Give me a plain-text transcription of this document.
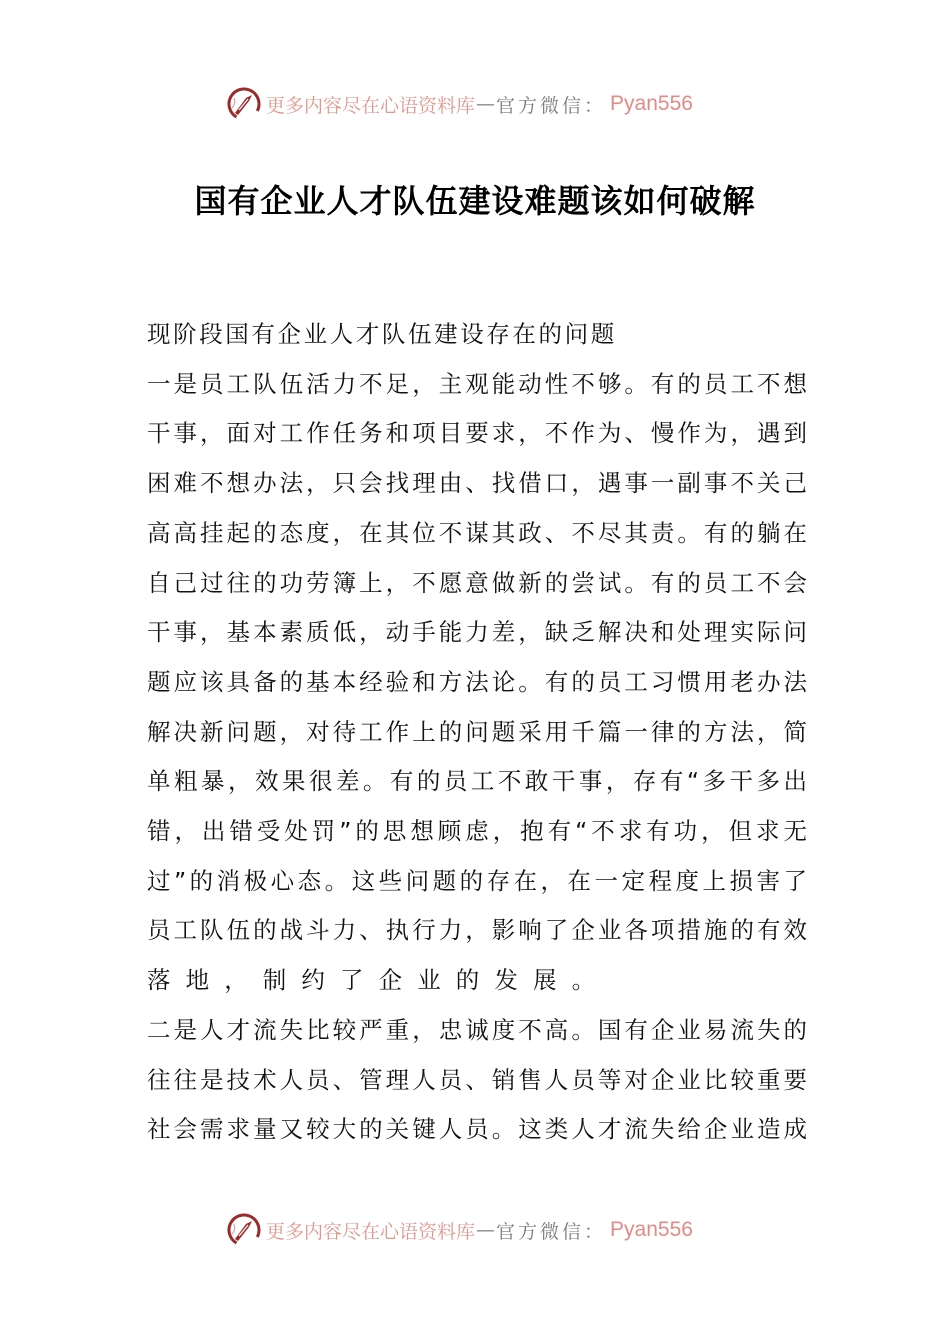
更多内容尽在心语资料库 — 官方微信： Pyan556
国有企业人才队伍建设难题该如何破解

现阶段国有企业人才队伍建设存在的问题

一是员工队伍活力不足，主观能动性不够。有的员工不想
干事，面对工作任务和项目要求，不作为、慢作为，遇到
困难不想办法，只会找理由、找借口，遇事一副事不关己
高高挂起的态度，在其位不谋其政、不尽其责。有的躺在
自己过往的功劳簿上，不愿意做新的尝试。有的员工不会
干事，基本素质低，动手能力差，缺乏解决和处理实际问
题应该具备的基本经验和方法论。有的员工习惯用老办法
解决新问题，对待工作上的问题采用千篇一律的方法，简
单粗暴，效果很差。有的员工不敢干事，存有“多干多出
错，出错受处罚”的思想顾虑，抱有“不求有功，但求无
过”的消极心态。这些问题的存在，在一定程度上损害了
员工队伍的战斗力、执行力，影响了企业各项措施的有效
落地，制约了企业的发展。

二是人才流失比较严重，忠诚度不高。国有企业易流失的
往往是技术人员、管理人员、销售人员等对企业比较重要
社会需求量又较大的关键人员。这类人才流失给企业造成

更多内容尽在心语资料库 — 官方微信： Pyan556
